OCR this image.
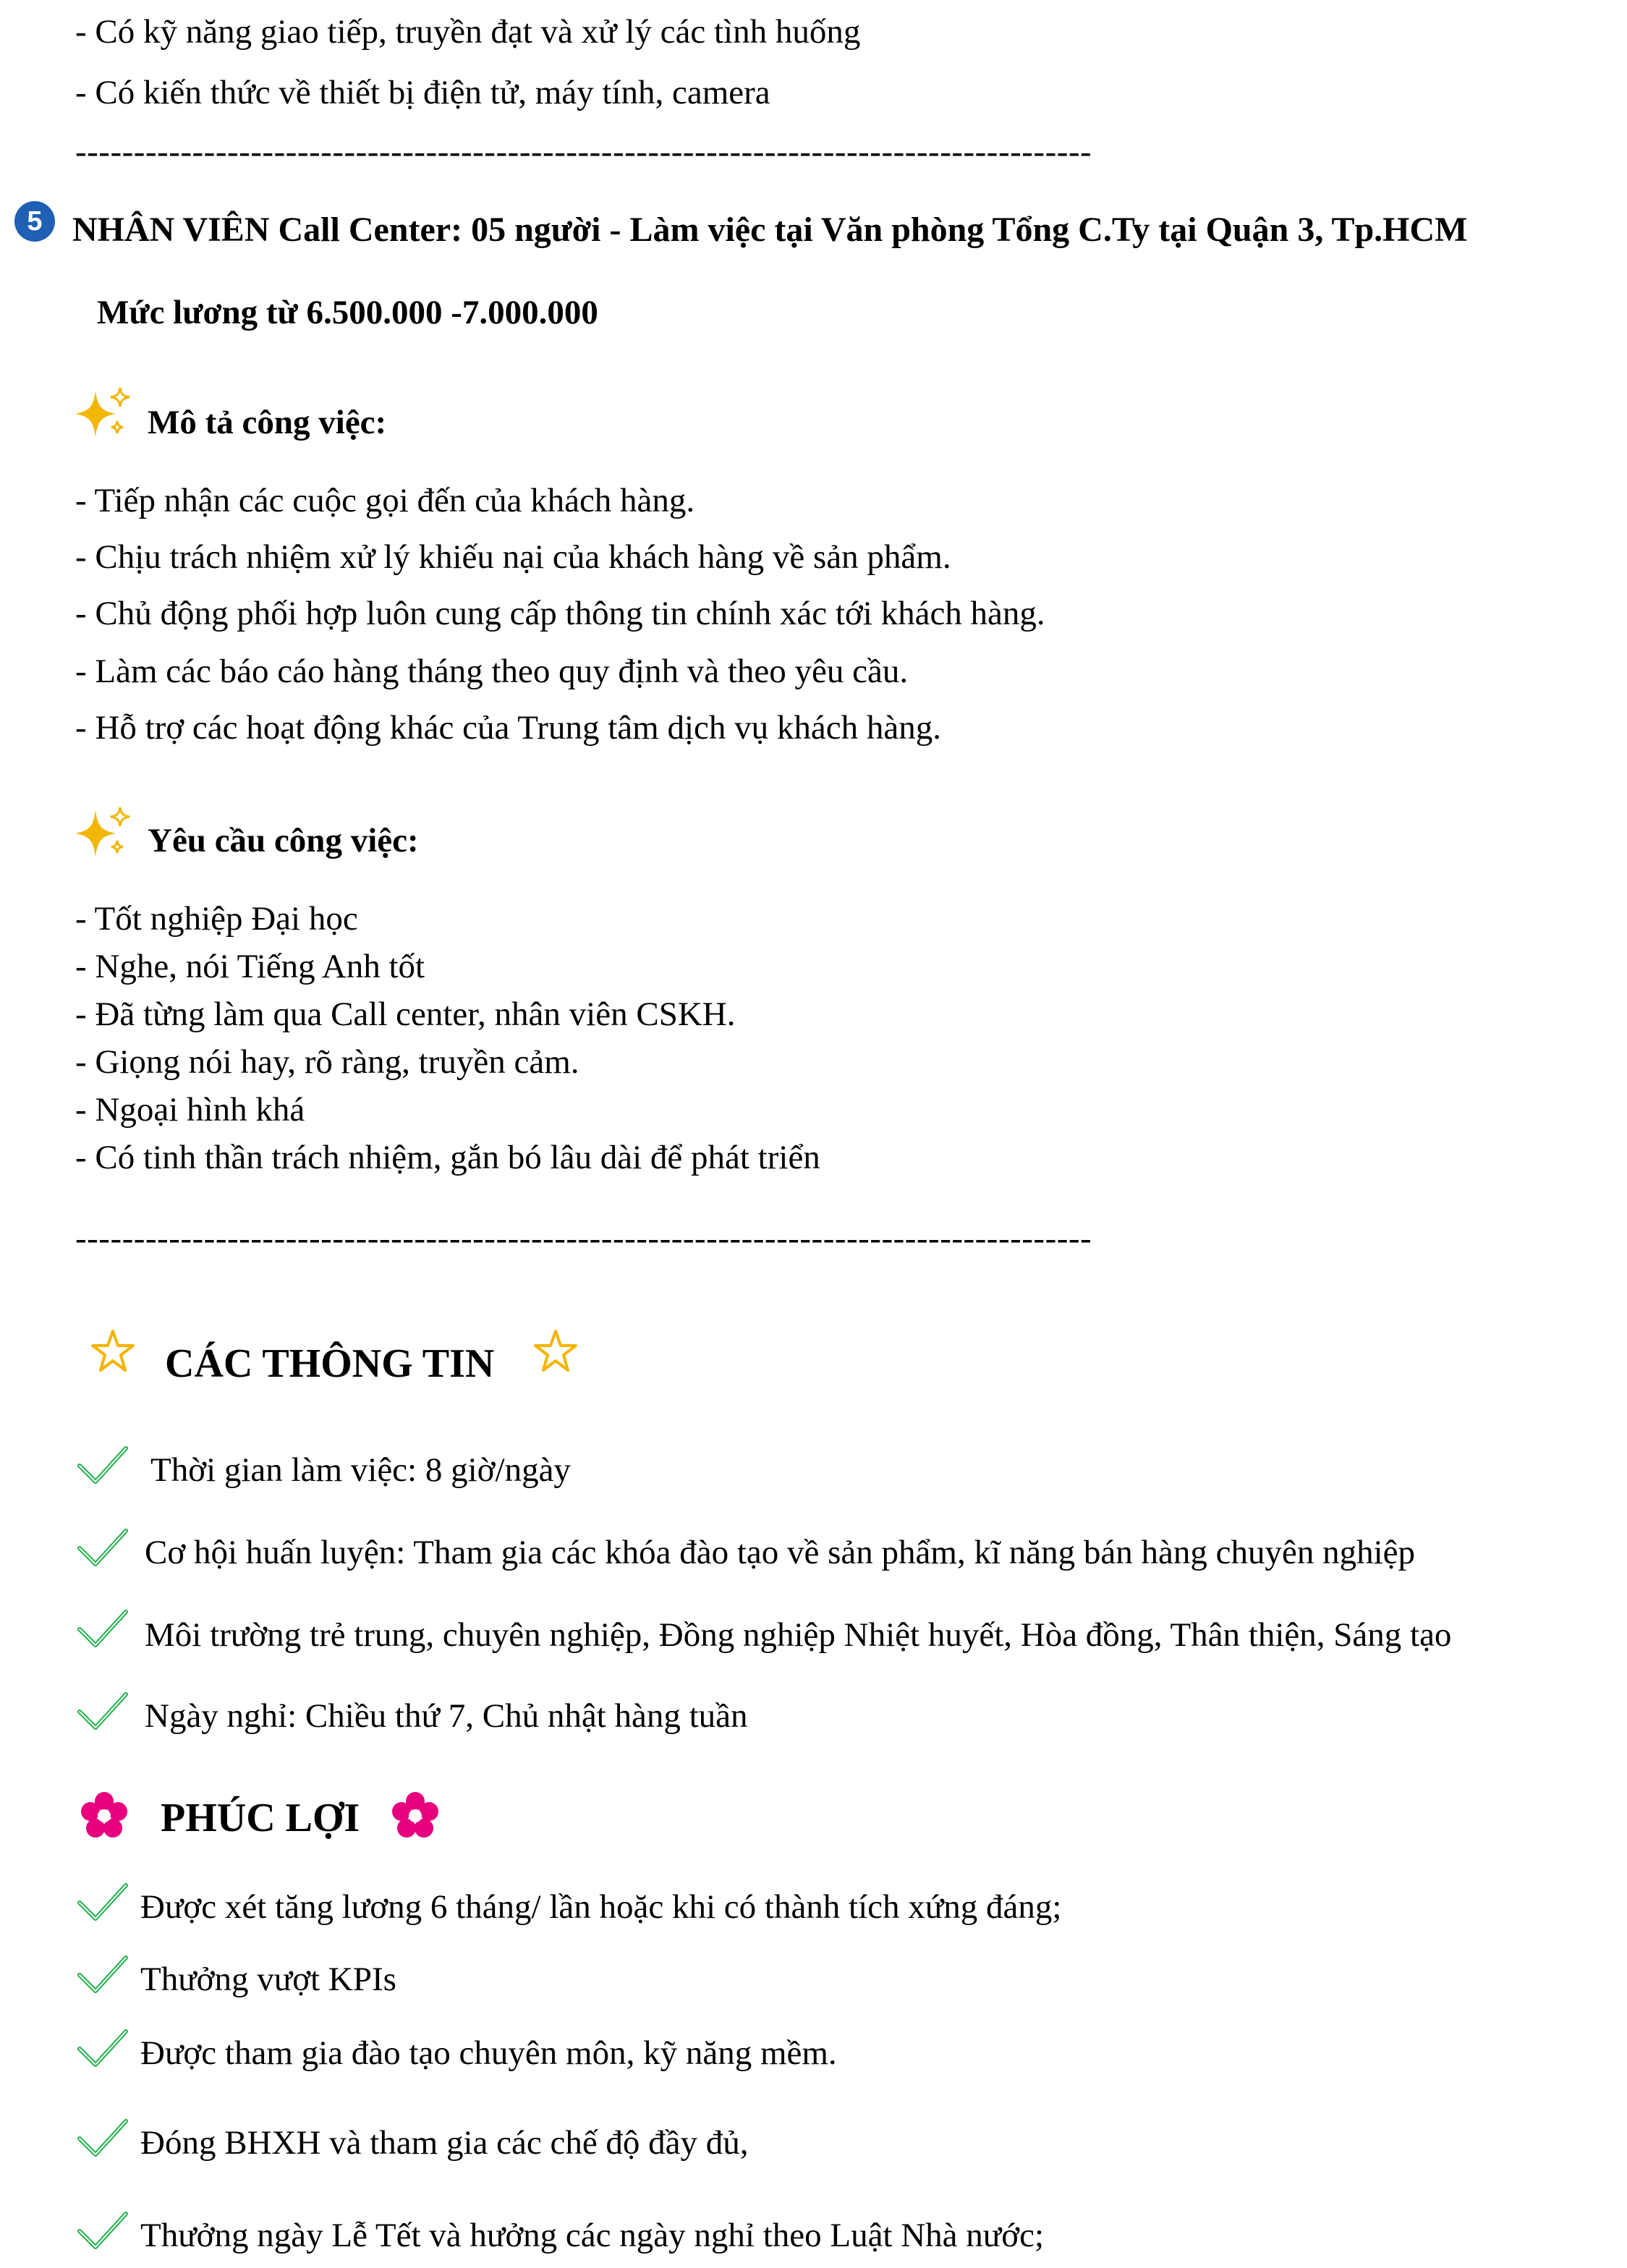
- Có kỹ năng giao tiếp, truyền đạt và xử lý các tình huống
- Có kiến thức về thiết bị điện tử, máy tính, camera
---------------------------------------------------------------------------------------
5 NHÂN VIÊN Call Center: 05 người - Làm việc tại Văn phòng Tổng C.Ty tại Quận 3, Tp.HCM
Mức lương từ 6.500.000 -7.000.000
Mô tả công việc:
- Tiếp nhận các cuộc gọi đến của khách hàng.
- Chịu trách nhiệm xử lý khiếu nại của khách hàng về sản phẩm.
- Chủ động phối hợp luôn cung cấp thông tin chính xác tới khách hàng.
- Làm các báo cáo hàng tháng theo quy định và theo yêu cầu.
- Hỗ trợ các hoạt động khác của Trung tâm dịch vụ khách hàng.
Yêu cầu công việc:
- Tốt nghiệp Đại học
- Nghe, nói Tiếng Anh tốt
- Đã từng làm qua Call center, nhân viên CSKH.
- Giọng nói hay, rõ ràng, truyền cảm.
- Ngoại hình khá
- Có tinh thần trách nhiệm, gắn bó lâu dài để phát triển
---------------------------------------------------------------------------------------
CÁC THÔNG TIN
Thời gian làm việc: 8 giờ/ngày
Cơ hội huấn luyện: Tham gia các khóa đào tạo về sản phẩm, kĩ năng bán hàng chuyên nghiệp
Môi trường trẻ trung, chuyên nghiệp, Đồng nghiệp Nhiệt huyết, Hòa đồng, Thân thiện, Sáng tạo
Ngày nghỉ: Chiều thứ 7, Chủ nhật hàng tuần
PHÚC LỢI
Được xét tăng lương 6 tháng/ lần hoặc khi có thành tích xứng đáng;
Thưởng vượt KPIs
Được tham gia đào tạo chuyên môn, kỹ năng mềm.
Đóng BHXH và tham gia các chế độ đầy đủ,
Thưởng ngày Lễ Tết và hưởng các ngày nghỉ theo Luật Nhà nước;
